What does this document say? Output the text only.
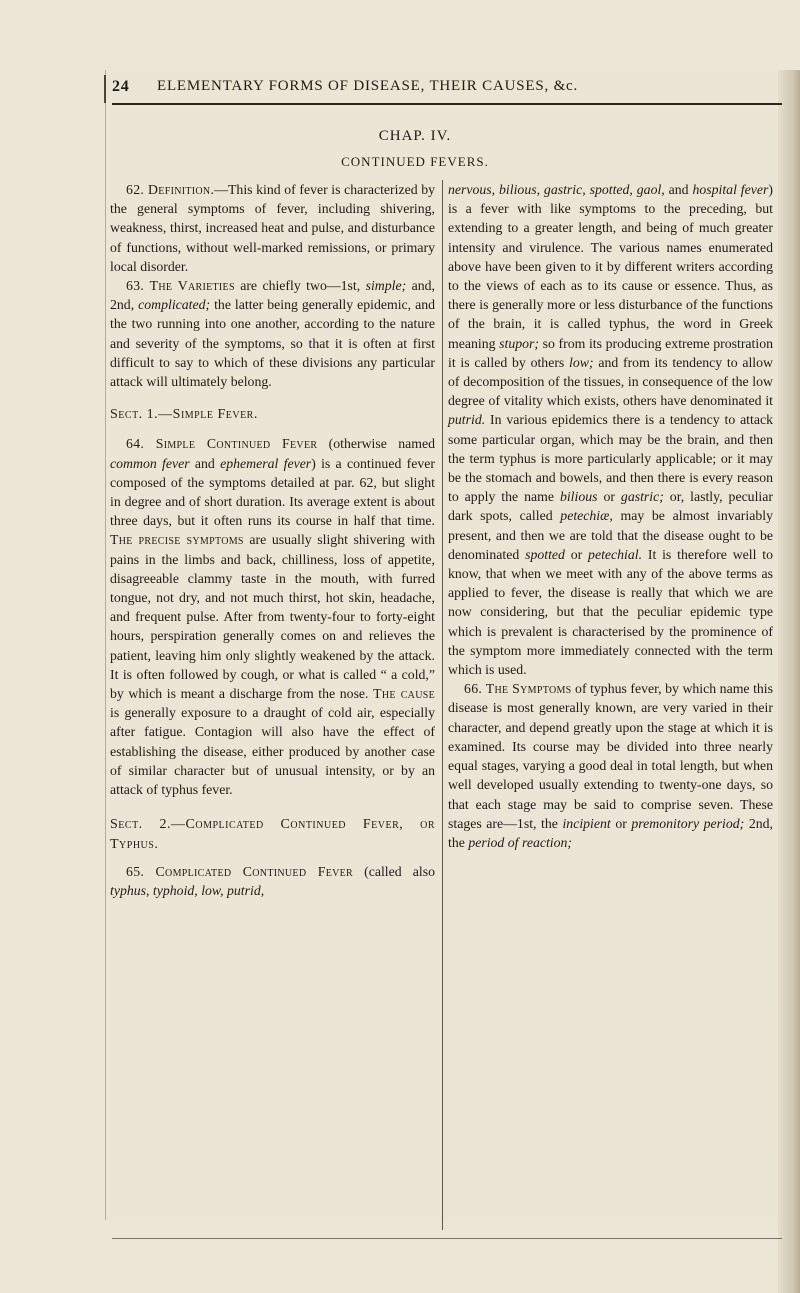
24 ELEMENTARY FORMS OF DISEASE, THEIR CAUSES, &c.
CHAP. IV.
CONTINUED FEVERS.

62. Definition.—This kind of fever is characterized by the general symptoms of fever, including shivering, weakness, thirst, increased heat and pulse, and disturbance of functions, without well-marked remissions, or primary local disorder.

63. The Varieties are chiefly two—1st, simple; and, 2nd, complicated; the latter being generally epidemic, and the two running into one another, according to the nature and severity of the symptoms, so that it is often at first difficult to say to which of these divisions any particular attack will ultimately belong.

Sect. 1.—Simple Fever.

64. Simple Continued Fever (otherwise named common fever and ephemeral fever) is a continued fever composed of the symptoms detailed at par. 62, but slight in degree and of short duration. Its average extent is about three days, but it often runs its course in half that time. The precise symptoms are usually slight shivering with pains in the limbs and back, chilliness, loss of appetite, disagreeable clammy taste in the mouth, with furred tongue, not dry, and not much thirst, hot skin, headache, and frequent pulse. After from twenty-four to forty-eight hours, perspiration generally comes on and relieves the patient, leaving him only slightly weakened by the attack. It is often followed by cough, or what is called “ a cold,” by which is meant a discharge from the nose. The cause is generally exposure to a draught of cold air, especially after fatigue. Contagion will also have the effect of establishing the disease, either produced by another case of similar character but of unusual intensity, or by an attack of typhus fever.

Sect. 2.—Complicated Continued Fever, or Typhus.

65. Complicated Continued Fever (called also typhus, typhoid, low, putrid,

nervous, bilious, gastric, spotted, gaol, and hospital fever) is a fever with like symptoms to the preceding, but extending to a greater length, and being of much greater intensity and virulence. The various names enumerated above have been given to it by different writers according to the views of each as to its cause or essence. Thus, as there is generally more or less disturbance of the functions of the brain, it is called typhus, the word in Greek meaning stupor; so from its producing extreme prostration it is called by others low; and from its tendency to allow of decomposition of the tissues, in consequence of the low degree of vitality which exists, others have denominated it putrid. In various epidemics there is a tendency to attack some particular organ, which may be the brain, and then the term typhus is more particularly applicable; or it may be the stomach and bowels, and then there is every reason to apply the name bilious or gastric; or, lastly, peculiar dark spots, called petechiæ, may be almost invariably present, and then we are told that the disease ought to be denominated spotted or petechial. It is therefore well to know, that when we meet with any of the above terms as applied to fever, the disease is really that which we are now considering, but that the peculiar epidemic type which is prevalent is characterised by the prominence of the symptom more immediately connected with the term which is used.

66. The Symptoms of typhus fever, by which name this disease is most generally known, are very varied in their character, and depend greatly upon the stage at which it is examined. Its course may be divided into three nearly equal stages, varying a good deal in total length, but when well developed usually extending to twenty-one days, so that each stage may be said to comprise seven. These stages are—1st, the incipient or premonitory period; 2nd, the period of reaction;
